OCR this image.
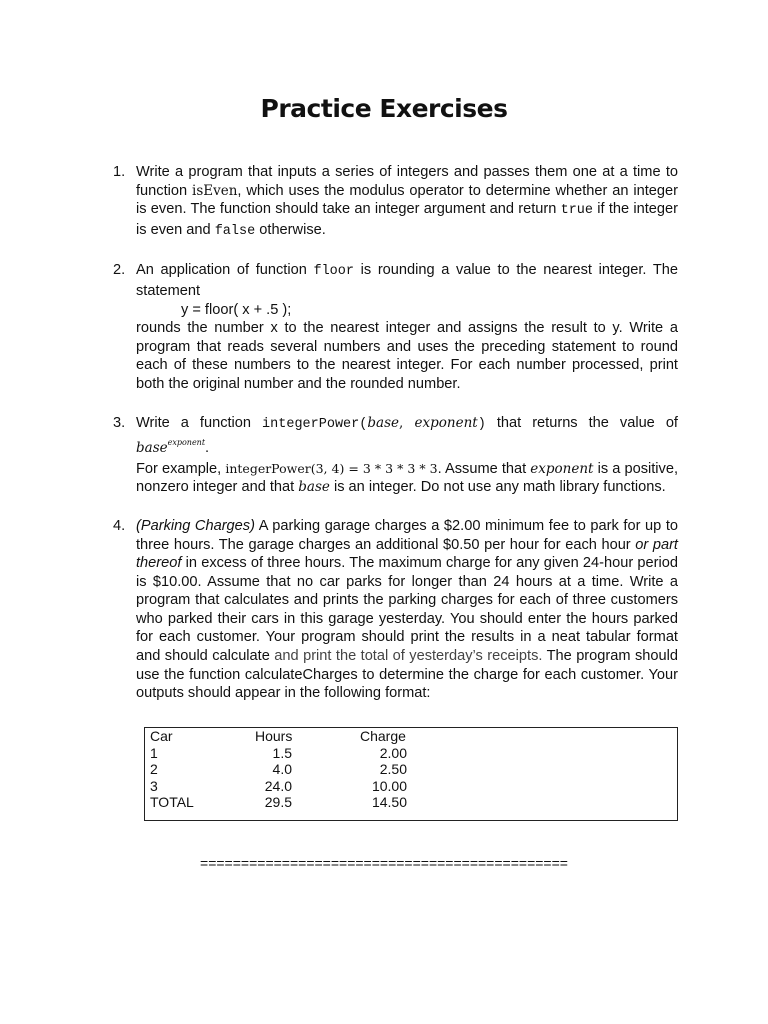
Practice Exercises
1. Write a program that inputs a series of integers and passes them one at a time to function isEven, which uses the modulus operator to determine whether an integer is even. The function should take an integer argument and return true if the integer is even and false otherwise.
2. An application of function floor is rounding a value to the nearest integer. The statement
y = floor( x + .5 );
rounds the number x to the nearest integer and assigns the result to y. Write a program that reads several numbers and uses the preceding statement to round each of these numbers to the nearest integer. For each number processed, print both the original number and the rounded number.
3. Write a function integerPower(base, exponent) that returns the value of base$^{exponent}$.
For example, integerPower(3, 4) = 3 * 3 * 3 * 3. Assume that exponent is a positive, nonzero integer and that base is an integer. Do not use any math library functions.
4. (Parking Charges) A parking garage charges a $2.00 minimum fee to park for up to three hours. The garage charges an additional $0.50 per hour for each hour or part thereof in excess of three hours. The maximum charge for any given 24-hour period is $10.00. Assume that no car parks for longer than 24 hours at a time. Write a program that calculates and prints the parking charges for each of three customers who parked their cars in this garage yesterday. You should enter the hours parked for each customer. Your program should print the results in a neat tabular format and should calculate and print the total of yesterday’s receipts. The program should use the function calculateCharges to determine the charge for each customer. Your outputs should appear in the following format:
Car	Hours	Charge
1	1.5	2.00
2	4.0	2.50
3	24.0	10.00
TOTAL	29.5	14.50
=============================================
